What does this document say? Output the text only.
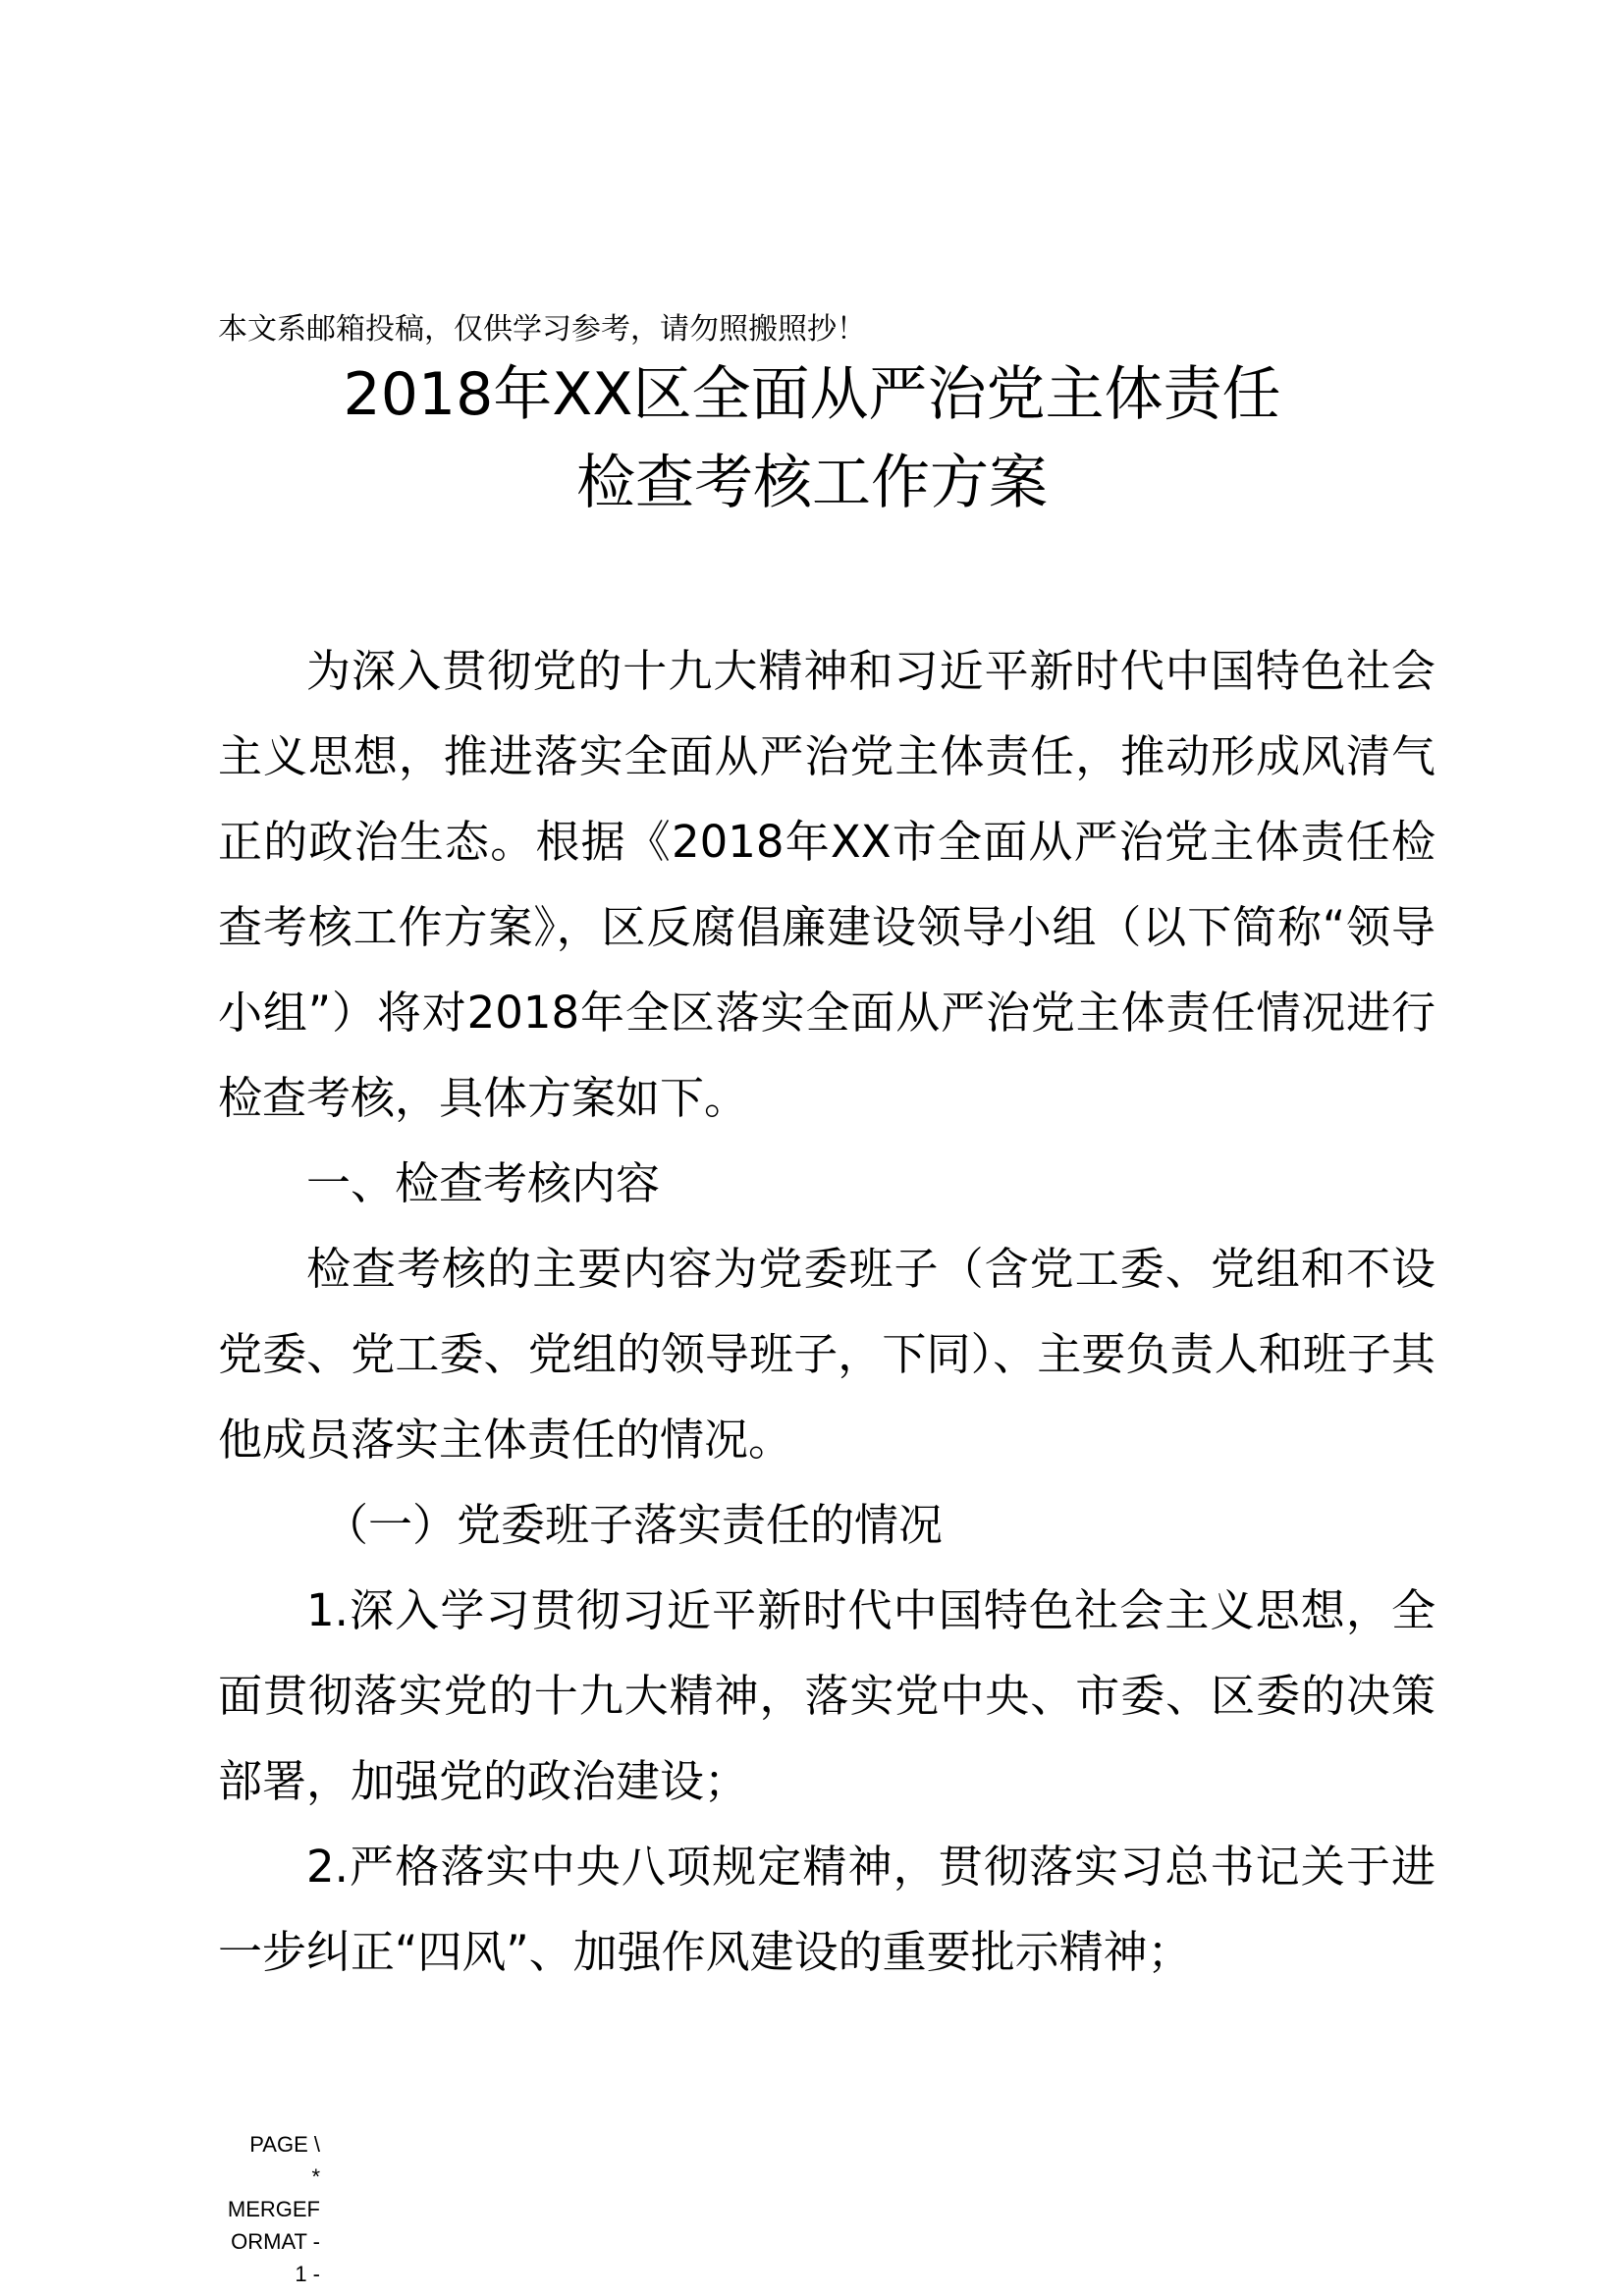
本文系邮箱投稿，仅供学习参考，请勿照搬照抄！
2018年XX区全面从严治党主体责任
检查考核工作方案

为深入贯彻党的十九大精神和习近平新时代中国特色社会主义思想，推进落实全面从严治党主体责任，推动形成风清气正的政治生态。根据《2018年XX市全面从严治党主体责任检查考核工作方案》，区反腐倡廉建设领导小组（以下简称“领导小组”）将对2018年全区落实全面从严治党主体责任情况进行检查考核，具体方案如下。

一、检查考核内容

检查考核的主要内容为党委班子（含党工委、党组和不设党委、党工委、党组的领导班子，下同）、主要负责人和班子其他成员落实主体责任的情况。

（一）党委班子落实责任的情况

1.深入学习贯彻习近平新时代中国特色社会主义思想，全面贯彻落实党的十九大精神，落实党中央、市委、区委的决策部署，加强党的政治建设；

2.严格落实中央八项规定精神，贯彻落实习总书记关于进一步纠正“四风”、加强作风建设的重要批示精神；

PAGE \
*
MERGEF
ORMAT -
1 -
